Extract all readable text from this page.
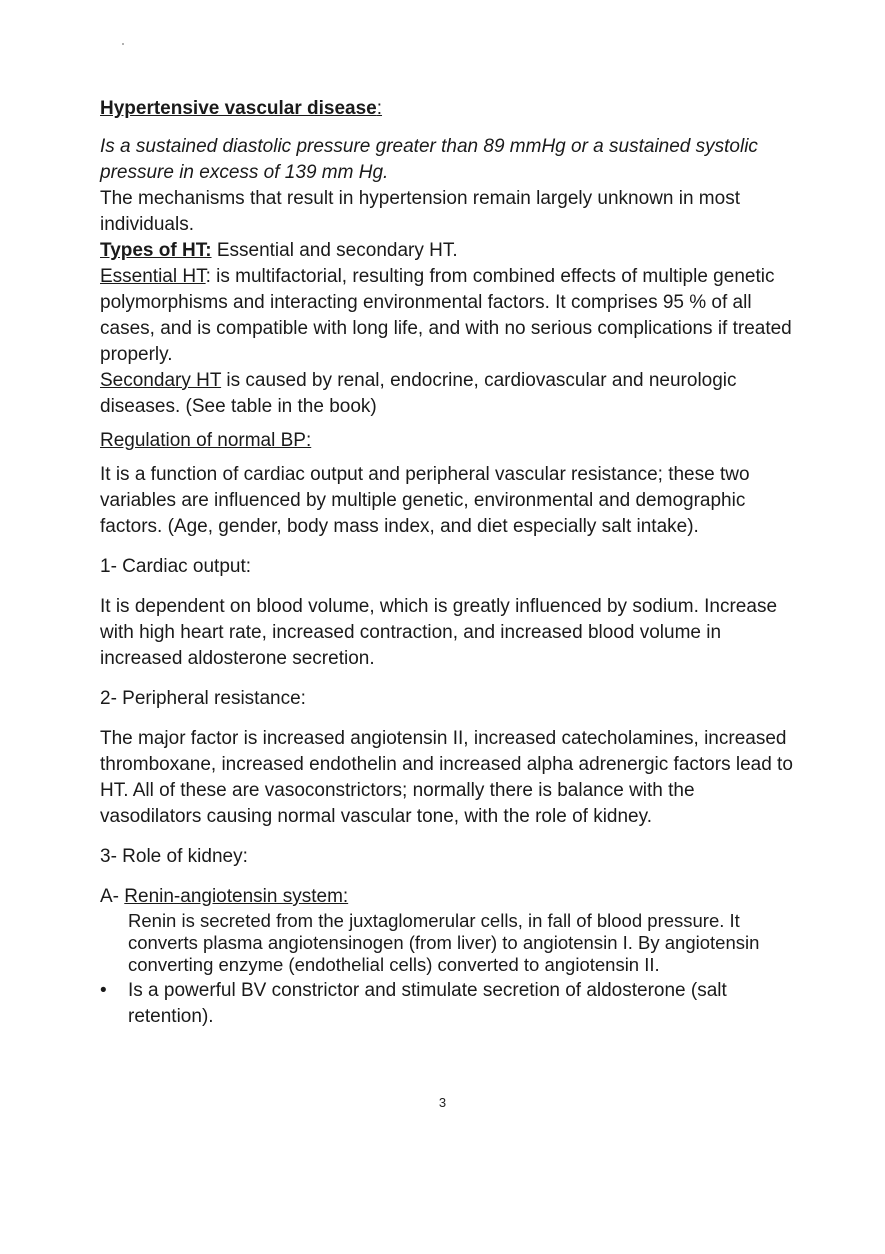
Hypertensive vascular disease:

Is a sustained diastolic pressure greater than 89 mmHg or a sustained systolic pressure in excess of 139 mm Hg.

The mechanisms that result in hypertension remain largely unknown in most individuals.

Types of HT: Essential and secondary HT.

Essential HT: is multifactorial, resulting from combined effects of multiple genetic polymorphisms and interacting environmental factors. It comprises 95 % of all cases, and is compatible with long life, and with no serious complications if treated properly.

Secondary HT is caused by renal, endocrine, cardiovascular and neurologic diseases. (See table in the book)

Regulation of normal BP:

It is a function of cardiac output and peripheral vascular resistance; these two variables are influenced by multiple genetic, environmental and demographic factors. (Age, gender, body mass index, and diet especially salt intake).

1- Cardiac output:

It is dependent on blood volume, which is greatly influenced by sodium. Increase with high heart rate, increased contraction, and increased blood volume in increased aldosterone secretion.

2- Peripheral resistance:

The major factor is increased angiotensin II, increased catecholamines, increased thromboxane, increased endothelin and increased alpha adrenergic factors lead to HT. All of these are vasoconstrictors; normally there is balance with the vasodilators causing normal vascular tone, with the role of kidney.

3- Role of kidney:

A- Renin-angiotensin system:

Renin is secreted from the juxtaglomerular cells, in fall of blood pressure. It converts plasma angiotensinogen (from liver) to angiotensin I. By angiotensin converting enzyme (endothelial cells) converted to angiotensin II.

•	Is a powerful BV constrictor and stimulate secretion of aldosterone (salt retention).
3
